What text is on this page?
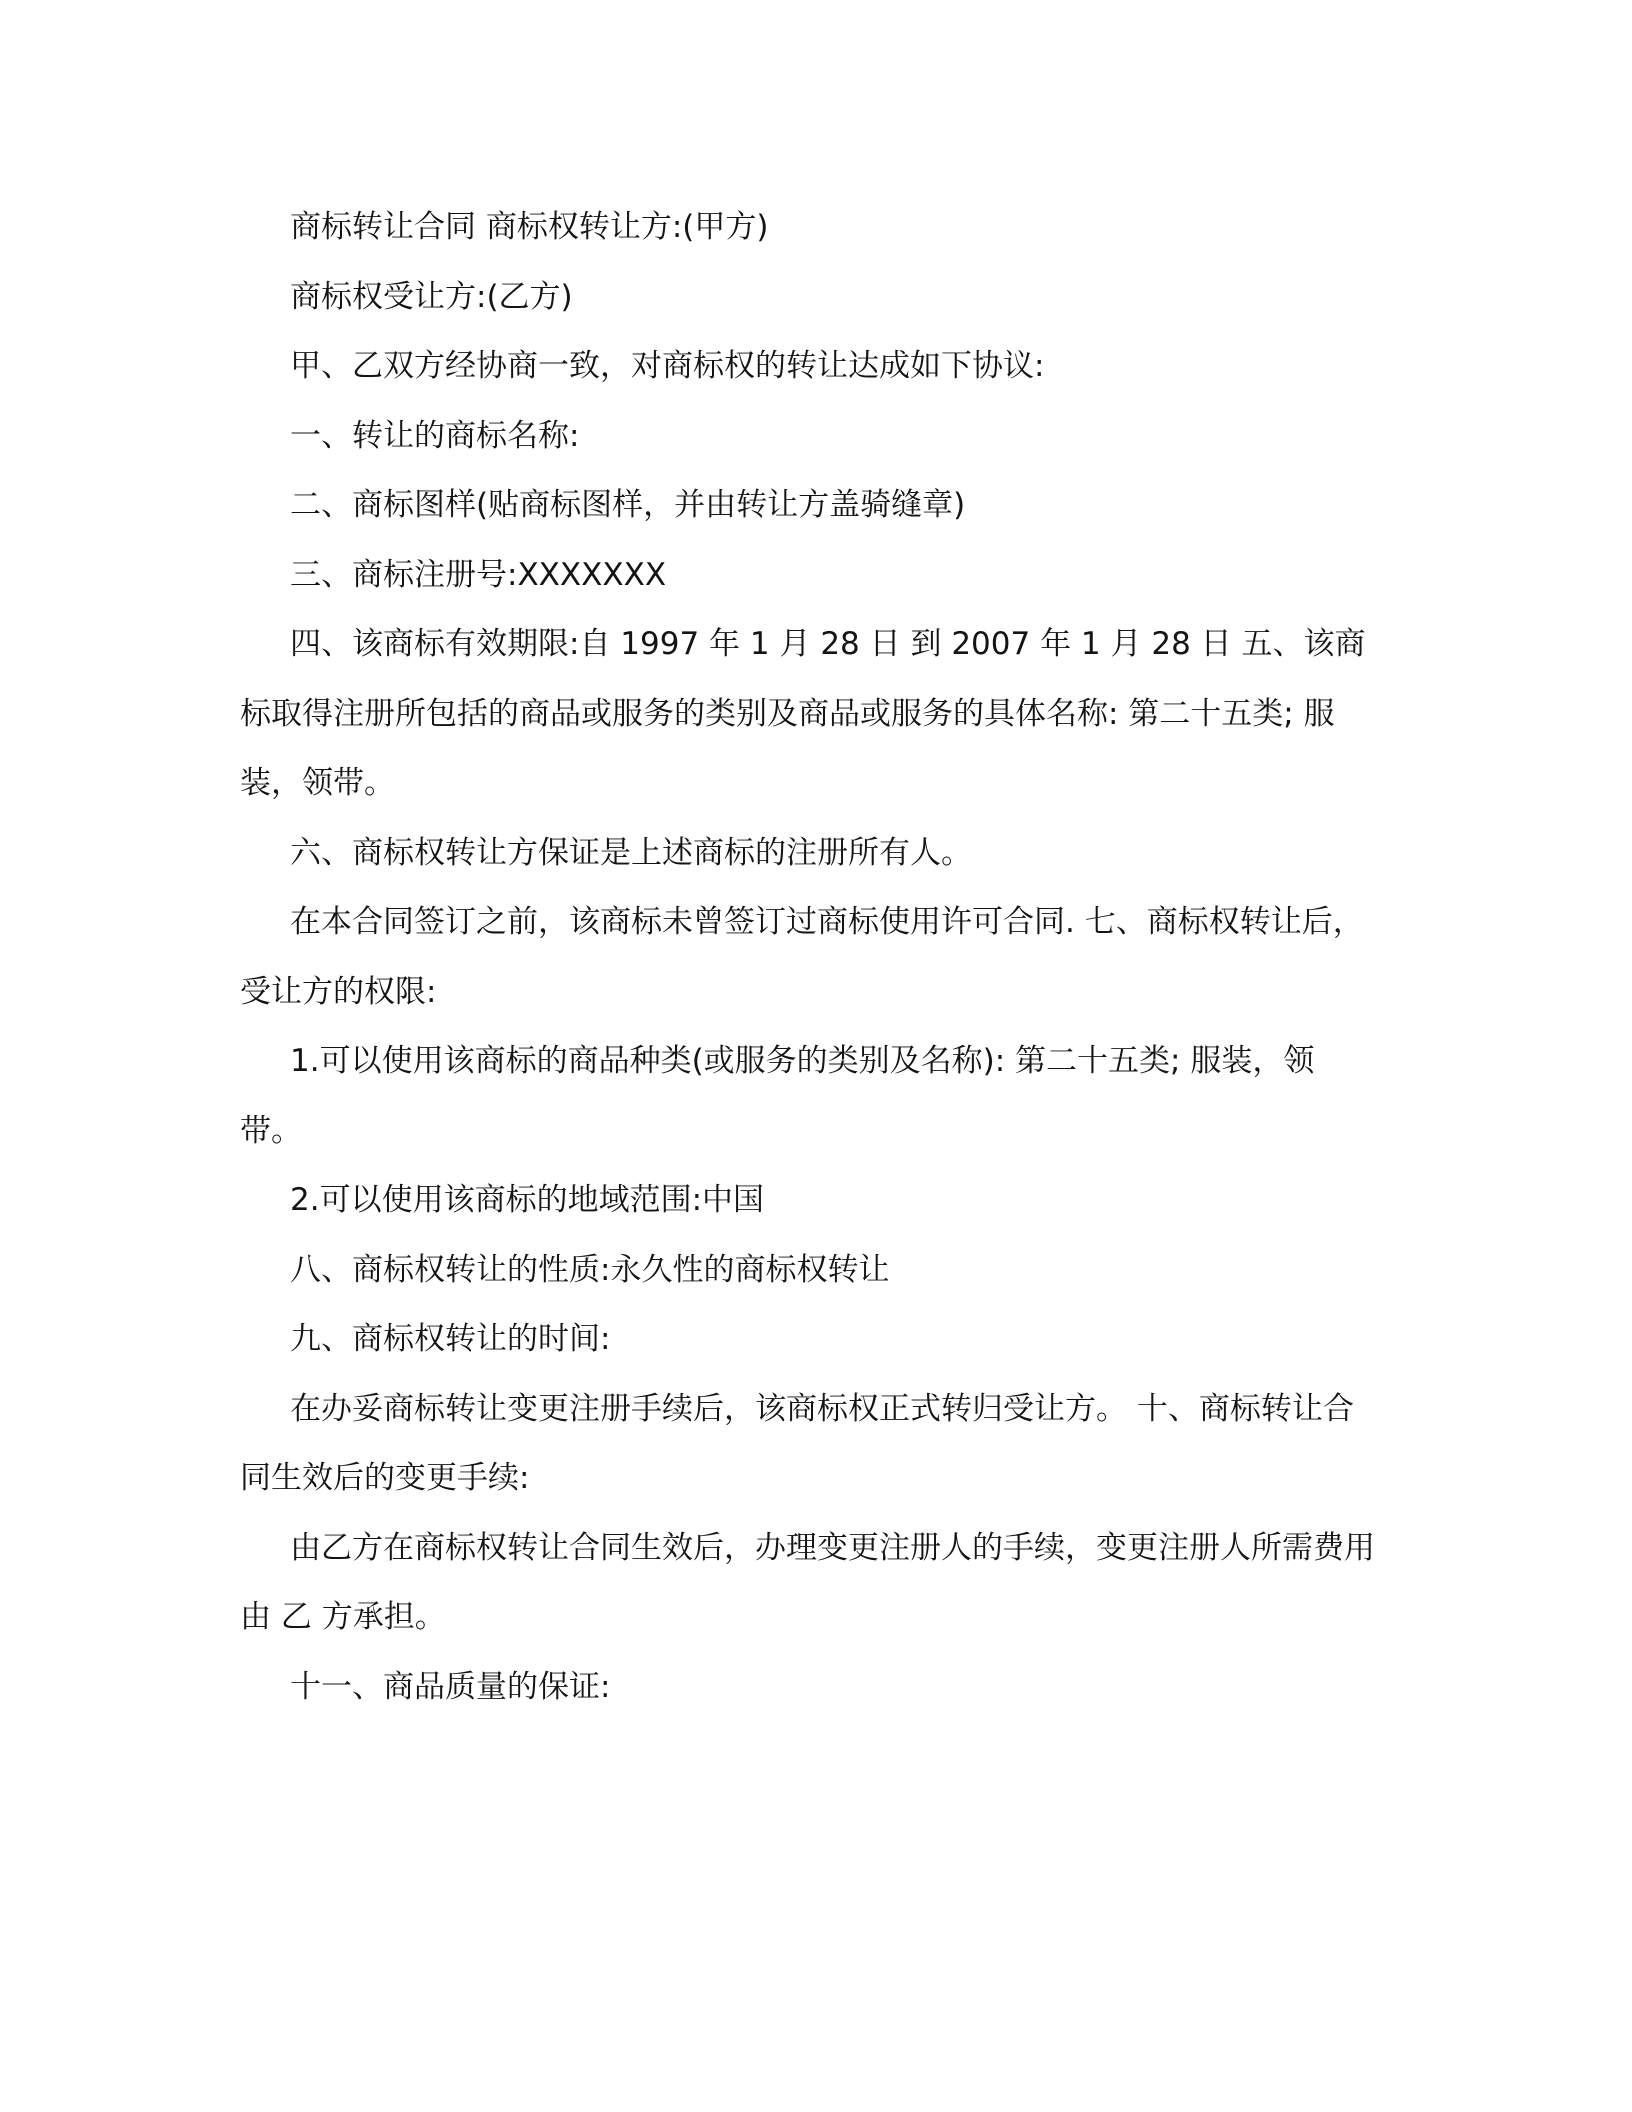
商标转让合同 商标权转让方:(甲方)

商标权受让方:(乙方)

甲、乙双方经协商一致，对商标权的转让达成如下协议:

一、转让的商标名称:

二、商标图样(贴商标图样，并由转让方盖骑缝章)

三、商标注册号:XXXXXXX

四、该商标有效期限:自 1997 年 1 月 28 日 到 2007 年 1 月 28 日 五、该商标取得注册所包括的商品或服务的类别及商品或服务的具体名称: 第二十五类; 服装，领带。

六、商标权转让方保证是上述商标的注册所有人。

在本合同签订之前，该商标未曾签订过商标使用许可合同. 七、商标权转让后，受让方的权限:

1.可以使用该商标的商品种类(或服务的类别及名称): 第二十五类; 服装，领带。

2.可以使用该商标的地域范围:中国

八、商标权转让的性质:永久性的商标权转让

九、商标权转让的时间:

在办妥商标转让变更注册手续后，该商标权正式转归受让方。 十、商标转让合同生效后的变更手续:

由乙方在商标权转让合同生效后，办理变更注册人的手续，变更注册人所需费用由 乙 方承担。

十一、商品质量的保证:
